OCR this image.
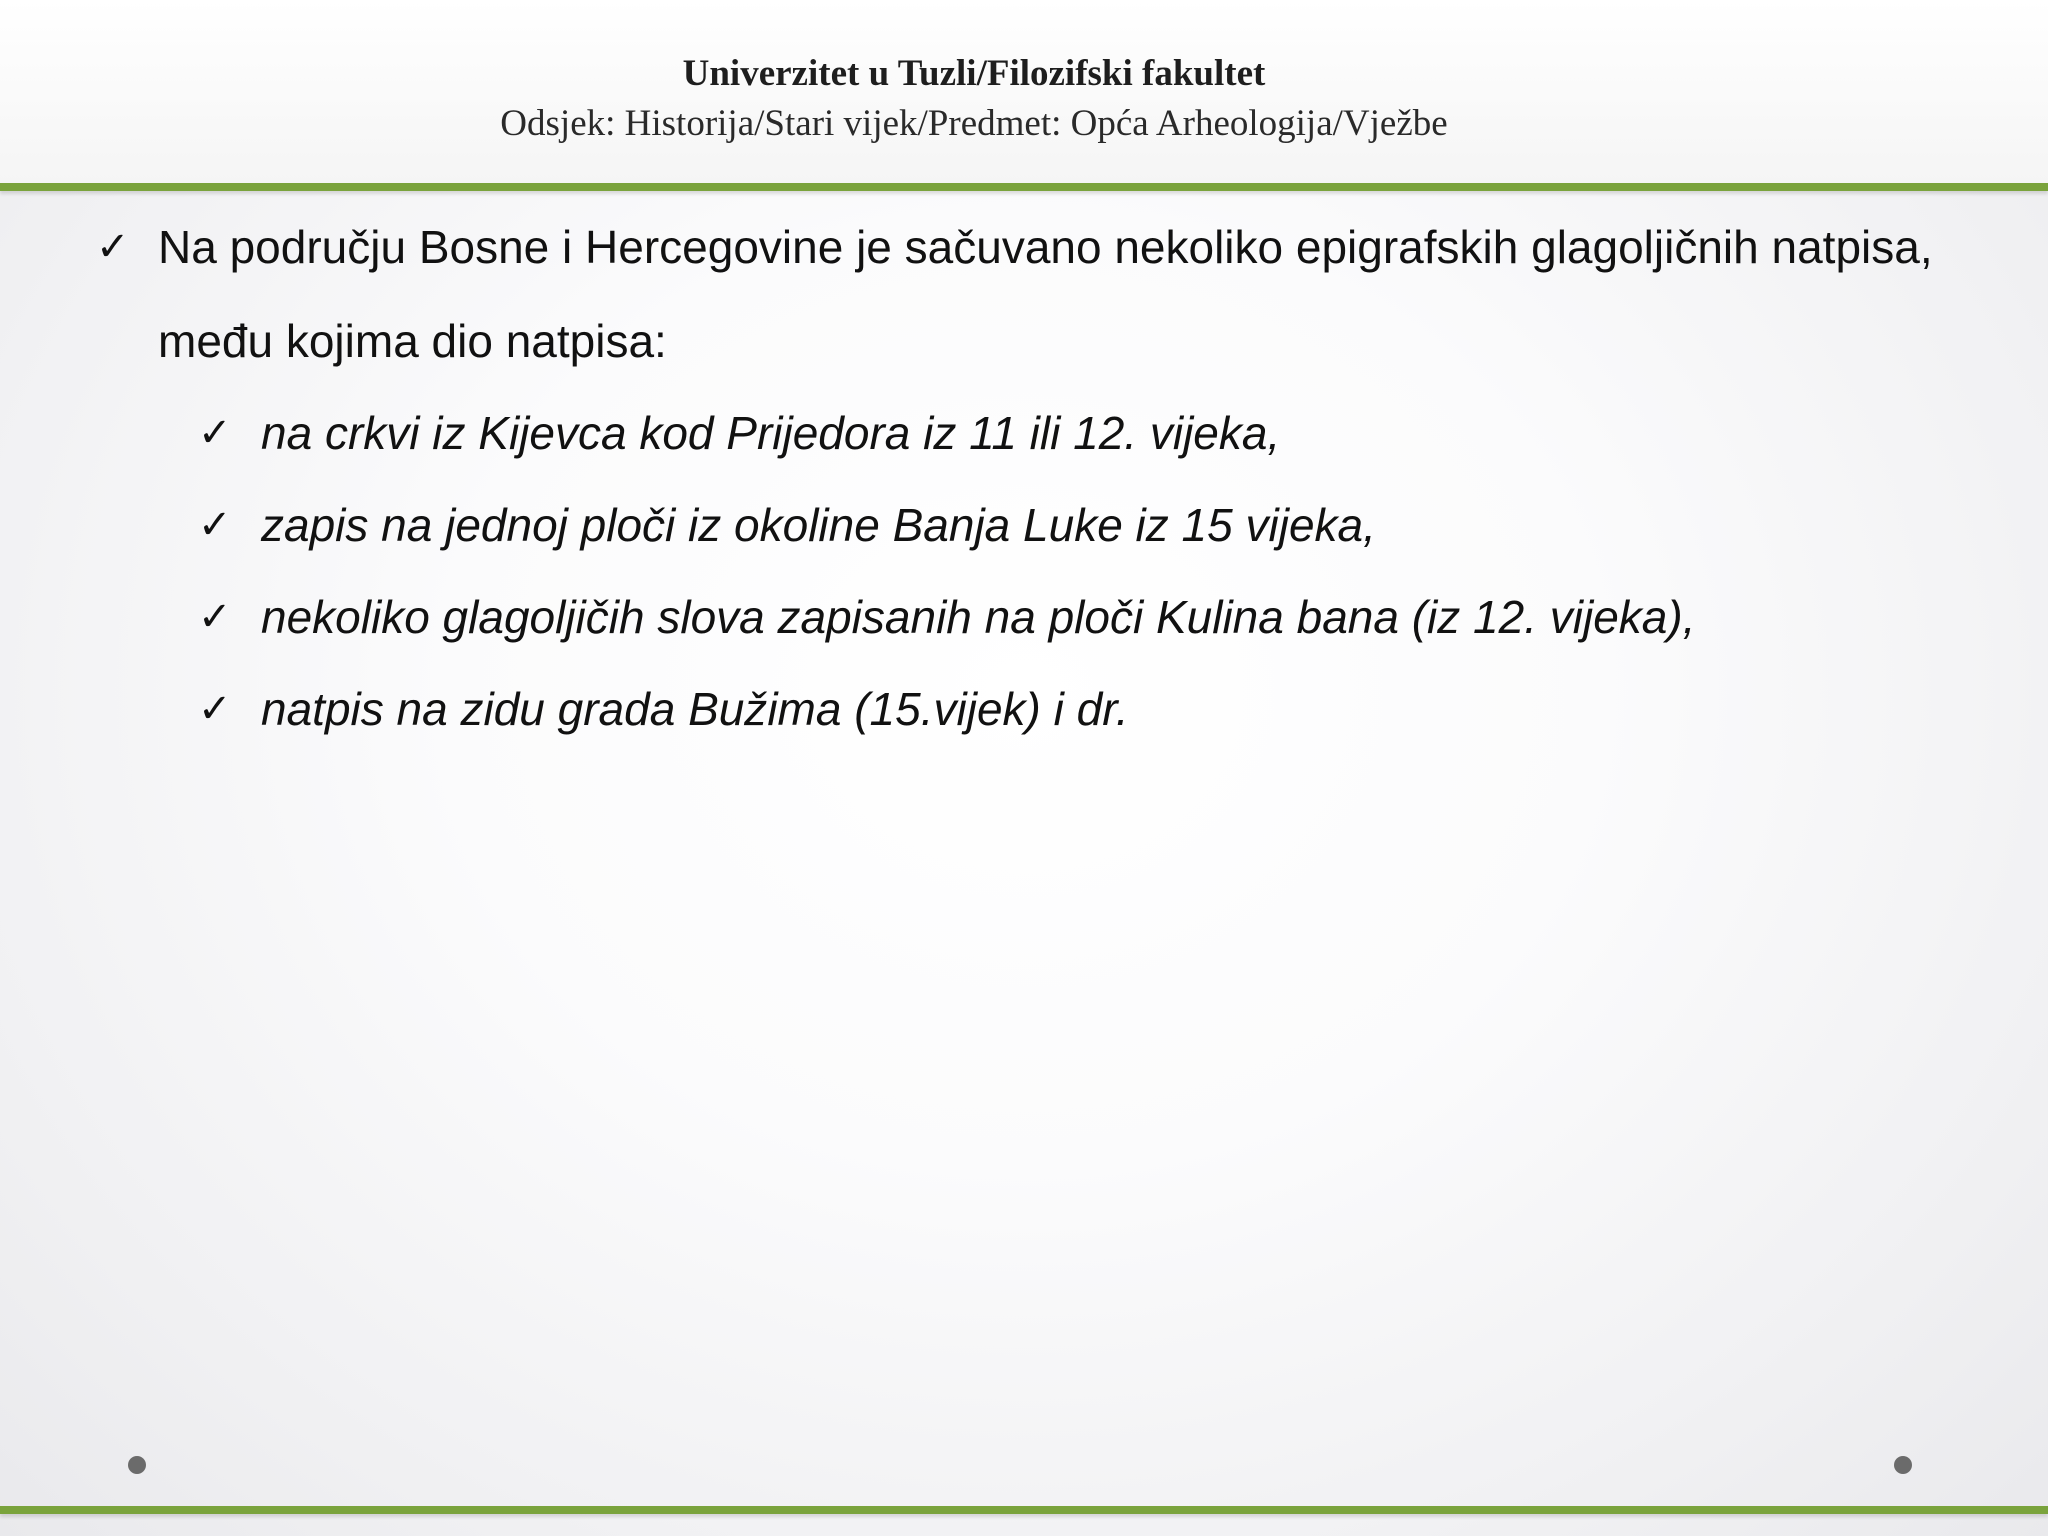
Univerzitet u Tuzli/Filozifski fakultet
Odsjek: Historija/Stari vijek/Predmet: Opća Arheologija/Vježbe
✓ Na području Bosne i Hercegovine je sačuvano nekoliko epigrafskih glagoljičnih natpisa, među kojima dio natpisa:
✓ na crkvi iz Kijevca kod Prijedora iz 11 ili 12. vijeka,
✓ zapis na jednoj ploči iz okoline Banja Luke iz 15 vijeka,
✓ nekoliko glagoljičih slova zapisanih na ploči Kulina bana (iz 12. vijeka),
✓ natpis na zidu grada Bužima (15.vijek) i dr.
